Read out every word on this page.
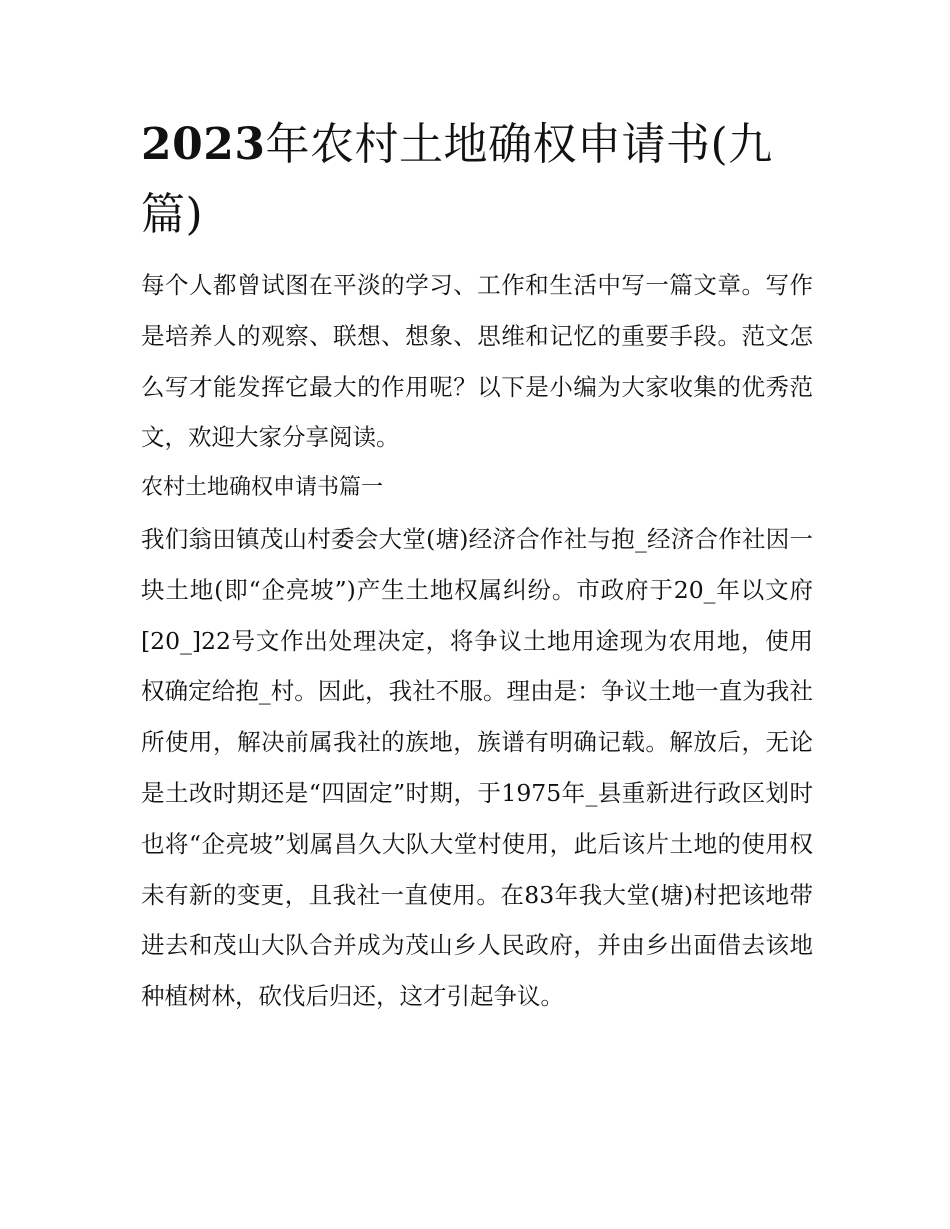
2023年农村土地确权申请书(九篇)

每个人都曾试图在平淡的学习、工作和生活中写一篇文章。写作是培养人的观察、联想、想象、思维和记忆的重要手段。范文怎么写才能发挥它最大的作用呢？以下是小编为大家收集的优秀范文，欢迎大家分享阅读。

农村土地确权申请书篇一

我们翁田镇茂山村委会大堂(塘)经济合作社与抱_经济合作社因一块土地(即“企亮坡”)产生土地权属纠纷。市政府于20_年以文府[20_]22号文作出处理决定，将争议土地用途现为农用地，使用权确定给抱_村。因此，我社不服。理由是：争议土地一直为我社所使用，解决前属我社的族地，族谱有明确记载。解放后，无论是土改时期还是“四固定”时期，于1975年_县重新进行政区划时也将“企亮坡”划属昌久大队大堂村使用，此后该片土地的使用权未有新的变更，且我社一直使用。在83年我大堂(塘)村把该地带进去和茂山大队合并成为茂山乡人民政府，并由乡出面借去该地种植树林，砍伐后归还，这才引起争议。
